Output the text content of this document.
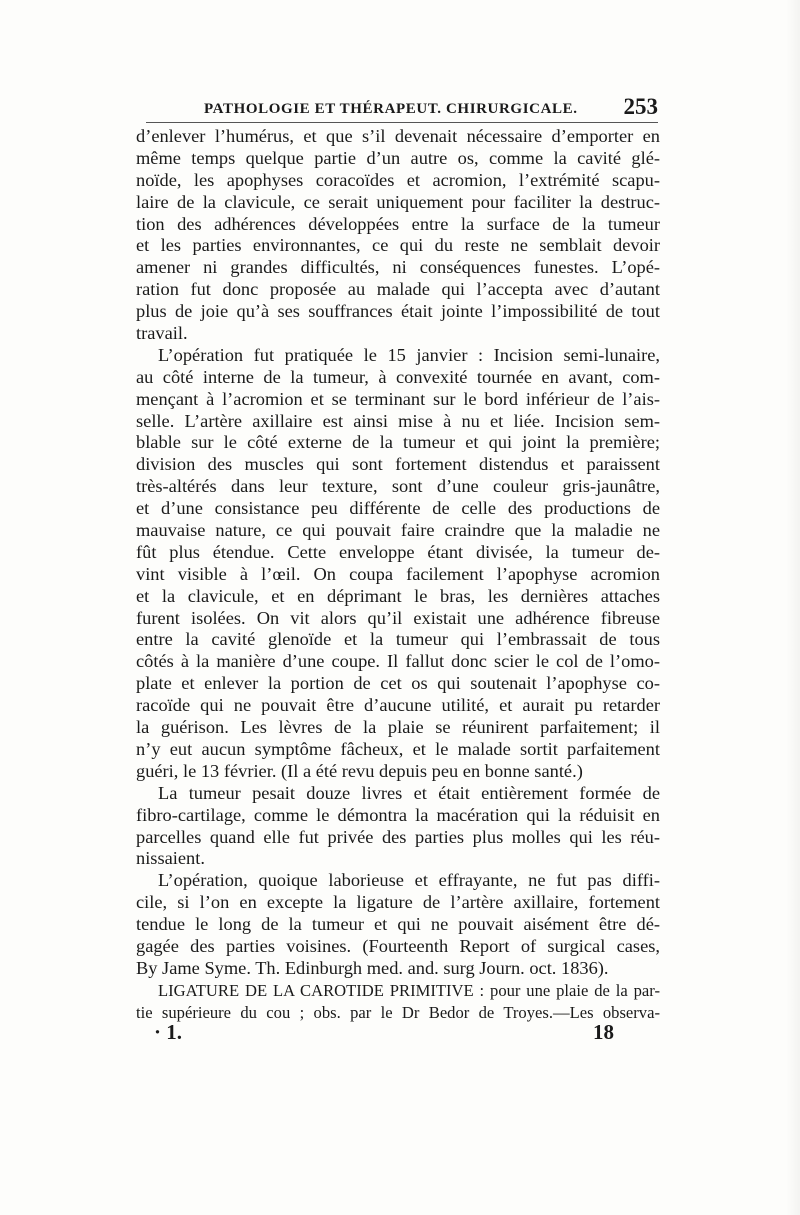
PATHOLOGIE ET THÉRAPEUT. CHIRURGICALE. 253
d’enlever l’humérus, et que s’il devenait nécessaire d’emporter en
même temps quelque partie d’un autre os, comme la cavité glé-
noïde, les apophyses coracoïdes et acromion, l’extrémité scapu-
laire de la clavicule, ce serait uniquement pour faciliter la destruc-
tion des adhérences développées entre la surface de la tumeur
et les parties environnantes, ce qui du reste ne semblait devoir
amener ni grandes difficultés, ni conséquences funestes. L’opé-
ration fut donc proposée au malade qui l’accepta avec d’autant
plus de joie qu’à ses souffrances était jointe l’impossibilité de tout
travail.
L’opération fut pratiquée le 15 janvier : Incision semi-lunaire,
au côté interne de la tumeur, à convexité tournée en avant, com-
mençant à l’acromion et se terminant sur le bord inférieur de l’ais-
selle. L’artère axillaire est ainsi mise à nu et liée. Incision sem-
blable sur le côté externe de la tumeur et qui joint la première;
division des muscles qui sont fortement distendus et paraissent
très-altérés dans leur texture, sont d’une couleur gris-jaunâtre,
et d’une consistance peu différente de celle des productions de
mauvaise nature, ce qui pouvait faire craindre que la maladie ne
fût plus étendue. Cette enveloppe étant divisée, la tumeur de-
vint visible à l’œil. On coupa facilement l’apophyse acromion
et la clavicule, et en déprimant le bras, les dernières attaches
furent isolées. On vit alors qu’il existait une adhérence fibreuse
entre la cavité glenoïde et la tumeur qui l’embrassait de tous
côtés à la manière d’une coupe. Il fallut donc scier le col de l’omo-
plate et enlever la portion de cet os qui soutenait l’apophyse co-
racoïde qui ne pouvait être d’aucune utilité, et aurait pu retarder
la guérison. Les lèvres de la plaie se réunirent parfaitement; il
n’y eut aucun symptôme fâcheux, et le malade sortit parfaitement
guéri, le 13 février. (Il a été revu depuis peu en bonne santé.)
La tumeur pesait douze livres et était entièrement formée de
fibro-cartilage, comme le démontra la macération qui la réduisit en
parcelles quand elle fut privée des parties plus molles qui les réu-
nissaient.
L’opération, quoique laborieuse et effrayante, ne fut pas diffi-
cile, si l’on en excepte la ligature de l’artère axillaire, fortement
tendue le long de la tumeur et qui ne pouvait aisément être dé-
gagée des parties voisines. (Fourteenth Report of surgical cases,
By Jame Syme. Th. Edinburgh med. and. surg Journ. oct. 1836).
LIGATURE DE LA CAROTIDE PRIMITIVE : pour une plaie de la par-
tie supérieure du cou ; obs. par le Dr Bedor de Troyes.—Les observa-
· 1.	18
